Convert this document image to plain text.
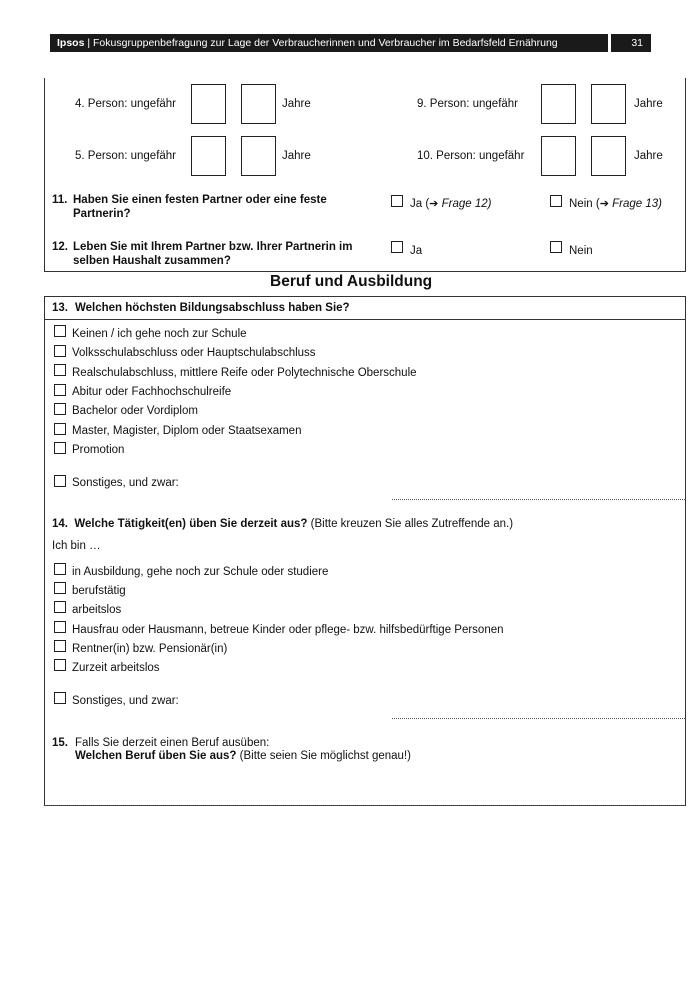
Ipsos | Fokusgruppenbefragung zur Lage der Verbraucherinnen und Verbraucher im Bedarfsfeld Ernährung	31
4. Person: ungefähr	Jahre
5. Person: ungefähr	Jahre
9. Person: ungefähr	Jahre
10. Person: ungefähr	Jahre
11. Haben Sie einen festen Partner oder eine feste
Partnerin?
Ja (➔ Frage 12)	Nein (➔ Frage 13)
12. Leben Sie mit Ihrem Partner bzw. Ihrer Partnerin im
selben Haushalt zusammen?
Ja	Nein
Beruf und Ausbildung
13. Welchen höchsten Bildungsabschluss haben Sie?
Keinen / ich gehe noch zur Schule
Volksschulabschluss oder Hauptschulabschluss
Realschulabschluss, mittlere Reife oder Polytechnische Oberschule
Abitur oder Fachhochschulreife
Bachelor oder Vordiplom
Master, Magister, Diplom oder Staatsexamen
Promotion
Sonstiges, und zwar:
14. Welche Tätigkeit(en) üben Sie derzeit aus? (Bitte kreuzen Sie alles Zutreffende an.)
Ich bin …
in Ausbildung, gehe noch zur Schule oder studiere
berufstätig
arbeitslos
Hausfrau oder Hausmann, betreue Kinder oder pflege- bzw. hilfsbedürftige Personen
Rentner(in) bzw. Pensionär(in)
Zurzeit arbeitslos
Sonstiges, und zwar:
15. Falls Sie derzeit einen Beruf ausüben:
Welchen Beruf üben Sie aus? (Bitte seien Sie möglichst genau!)
